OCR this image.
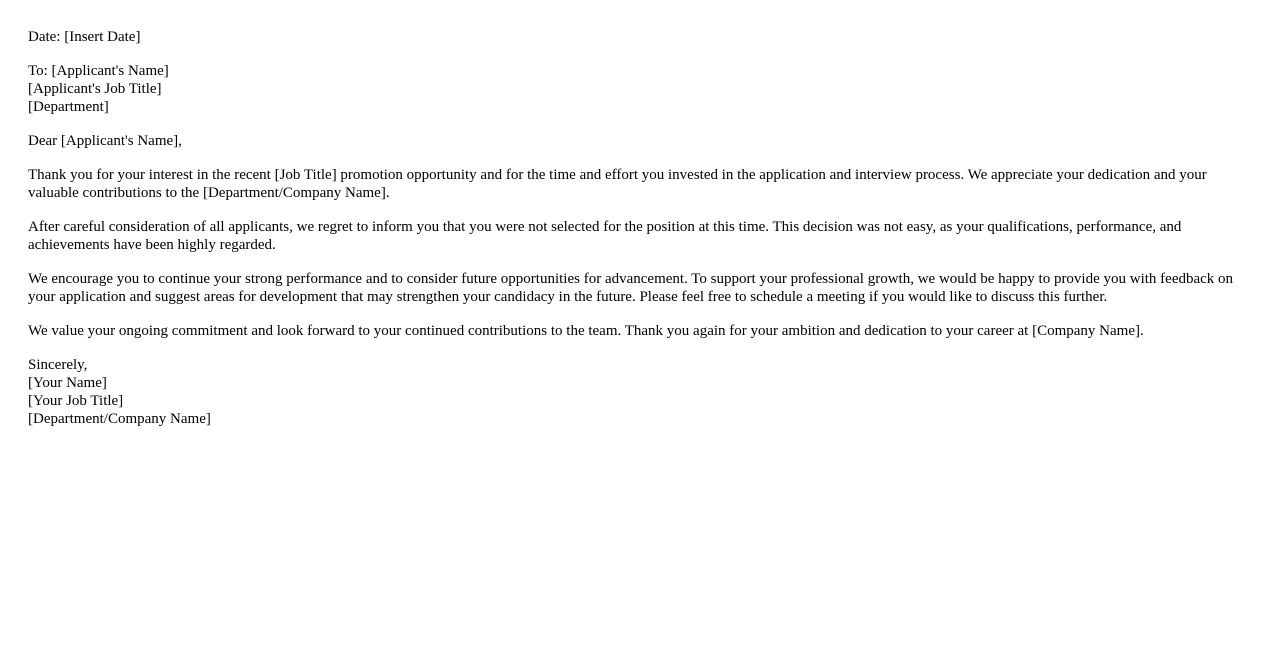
Date: [Insert Date]
To: [Applicant's Name]
[Applicant's Job Title]
[Department]
Dear [Applicant's Name],

Thank you for your interest in the recent [Job Title] promotion opportunity and for the time and effort you invested in the application and interview process. We appreciate your dedication and your valuable contributions to the [Department/Company Name].

After careful consideration of all applicants, we regret to inform you that you were not selected for the position at this time. This decision was not easy, as your qualifications, performance, and achievements have been highly regarded.

We encourage you to continue your strong performance and to consider future opportunities for advancement. To support your professional growth, we would be happy to provide you with feedback on your application and suggest areas for development that may strengthen your candidacy in the future. Please feel free to schedule a meeting if you would like to discuss this further.

We value your ongoing commitment and look forward to your continued contributions to the team. Thank you again for your ambition and dedication to your career at [Company Name].

Sincerely,
[Your Name]
[Your Job Title]
[Department/Company Name]
